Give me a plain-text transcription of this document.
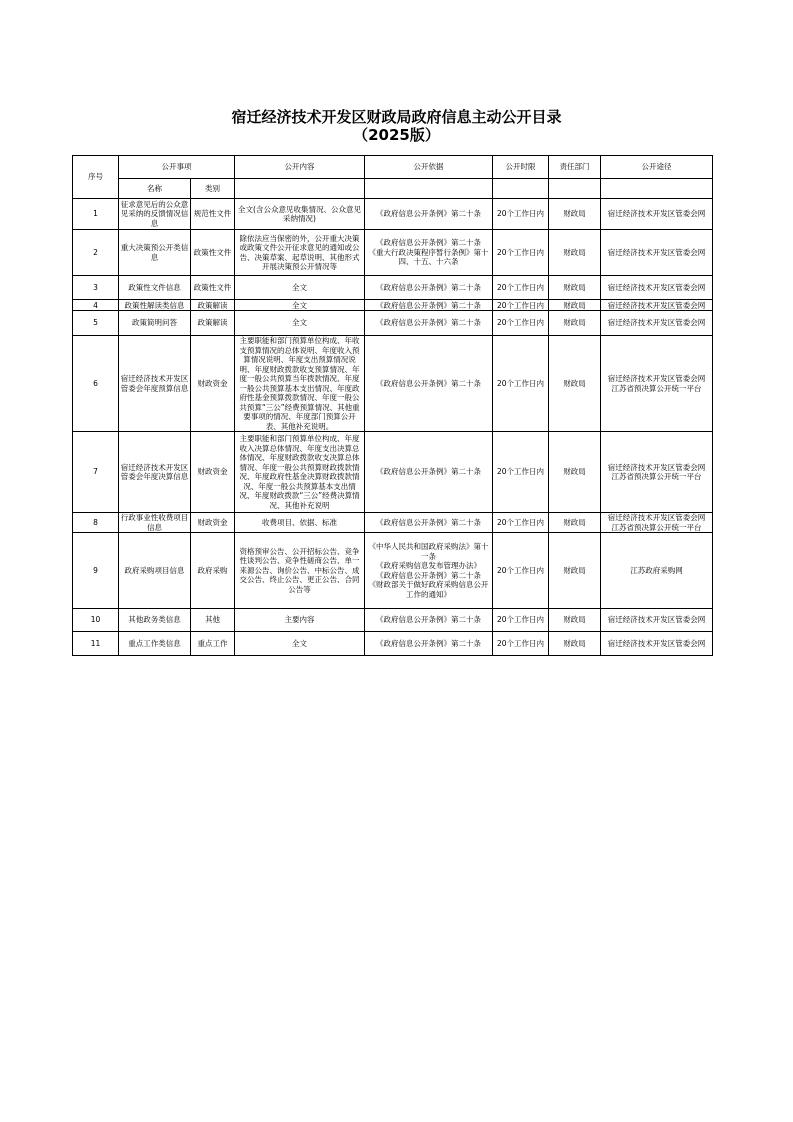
宿迁经济技术开发区财政局政府信息主动公开目录
（2025版）
序号	公开事项		公开内容	公开依据	公开时限	责任部门	公开途径
	名称	类别					
1	征求意见后的公众意见采纳的反馈情况信息	规范性文件	全文(含公众意见收集情况、公众意见采纳情况)	《政府信息公开条例》第二十条	20个工作日内	财政局	宿迁经济技术开发区管委会网
2	重大决策预公开类信息	政策性文件	除依法应当保密的外，公开重大决策或政策文件公开征求意见的通知或公告、决策草案、起草说明、其他形式开展决策预公开情况等	《政府信息公开条例》第二十条
《重大行政决策程序暂行条例》第十四、十五、十六条	20个工作日内	财政局	宿迁经济技术开发区管委会网
3	政策性文件信息	政策性文件	全文	《政府信息公开条例》第二十条	20个工作日内	财政局	宿迁经济技术开发区管委会网
4	政策性解读类信息	政策解读	全文	《政府信息公开条例》第二十条	20个工作日内	财政局	宿迁经济技术开发区管委会网
5	政策简明问答	政策解读	全文	《政府信息公开条例》第二十条	20个工作日内	财政局	宿迁经济技术开发区管委会网
6	宿迁经济技术开发区管委会年度预算信息	财政资金	主要职能和部门预算单位构成、年收支预算情况的总体说明、年度收入预算情况说明、年度支出预算情况说明、年度财政拨款收支预算情况、年度一般公共预算当年拨款情况、年度一般公共预算基本支出情况、年度政府性基金预算拨款情况、年度一般公共预算“三公”经费预算情况、其他重要事项的情况、年度部门预算公开表、其他补充说明。	《政府信息公开条例》第二十条	20个工作日内	财政局	宿迁经济技术开发区管委会网
江苏省预决算公开统一平台
7	宿迁经济技术开发区管委会年度决算信息	财政资金	主要职能和部门预算单位构成、年度收入决算总体情况、年度支出决算总体情况、年度财政拨款收支决算总体情况、年度一般公共预算财政拨款情况、年度政府性基金决算财政拨款情况、年度一般公共预算基本支出情况、年度财政拨款“三公”经费决算情况、其他补充说明	《政府信息公开条例》第二十条	20个工作日内	财政局	宿迁经济技术开发区管委会网
江苏省预决算公开统一平台
8	行政事业性收费项目信息	财政资金	收费项目、依据、标准	《政府信息公开条例》第二十条	20个工作日内	财政局	宿迁经济技术开发区管委会网
江苏省预决算公开统一平台
9	政府采购项目信息	政府采购	资格预审公告、公开招标公告、竞争性谈判公告、竞争性磋商公告、单一来源公告、询价公告、中标公告、成交公告、终止公告、更正公告、合同公告等	《中华人民共和国政府采购法》第十一条
《政府采购信息发布管理办法》
《政府信息公开条例》第二十条
《财政部关于做好政府采购信息公开工作的通知》	20个工作日内	财政局	江苏政府采购网
10	其他政务类信息	其他	主要内容	《政府信息公开条例》第二十条	20个工作日内	财政局	宿迁经济技术开发区管委会网
11	重点工作类信息	重点工作	全文	《政府信息公开条例》第二十条	20个工作日内	财政局	宿迁经济技术开发区管委会网
